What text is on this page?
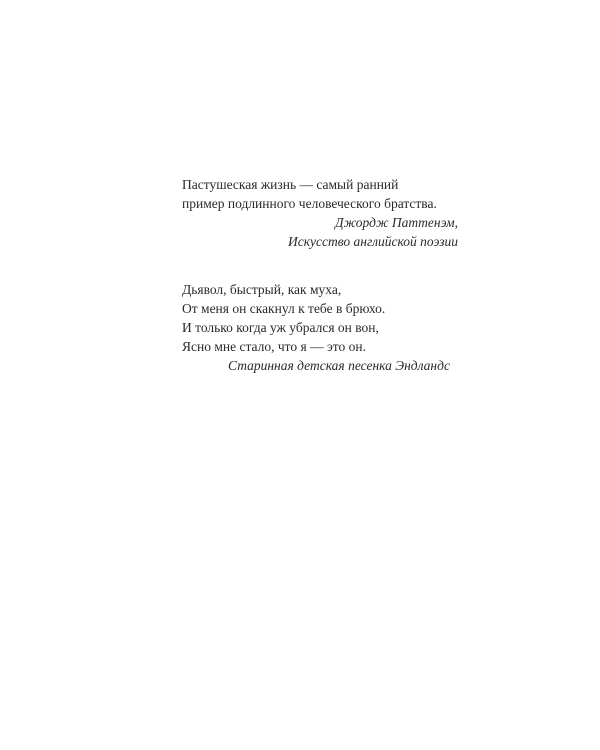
Пастушеская жизнь — самый ранний
пример подлинного человеческого братства.
Джордж Паттенэм,
Искусство английской поэзии
Дьявол, быстрый, как муха,
От меня он скакнул к тебе в брюхо.
И только когда уж убрался он вон,
Ясно мне стало, что я — это он.
Старинная детская песенка Эндландс
